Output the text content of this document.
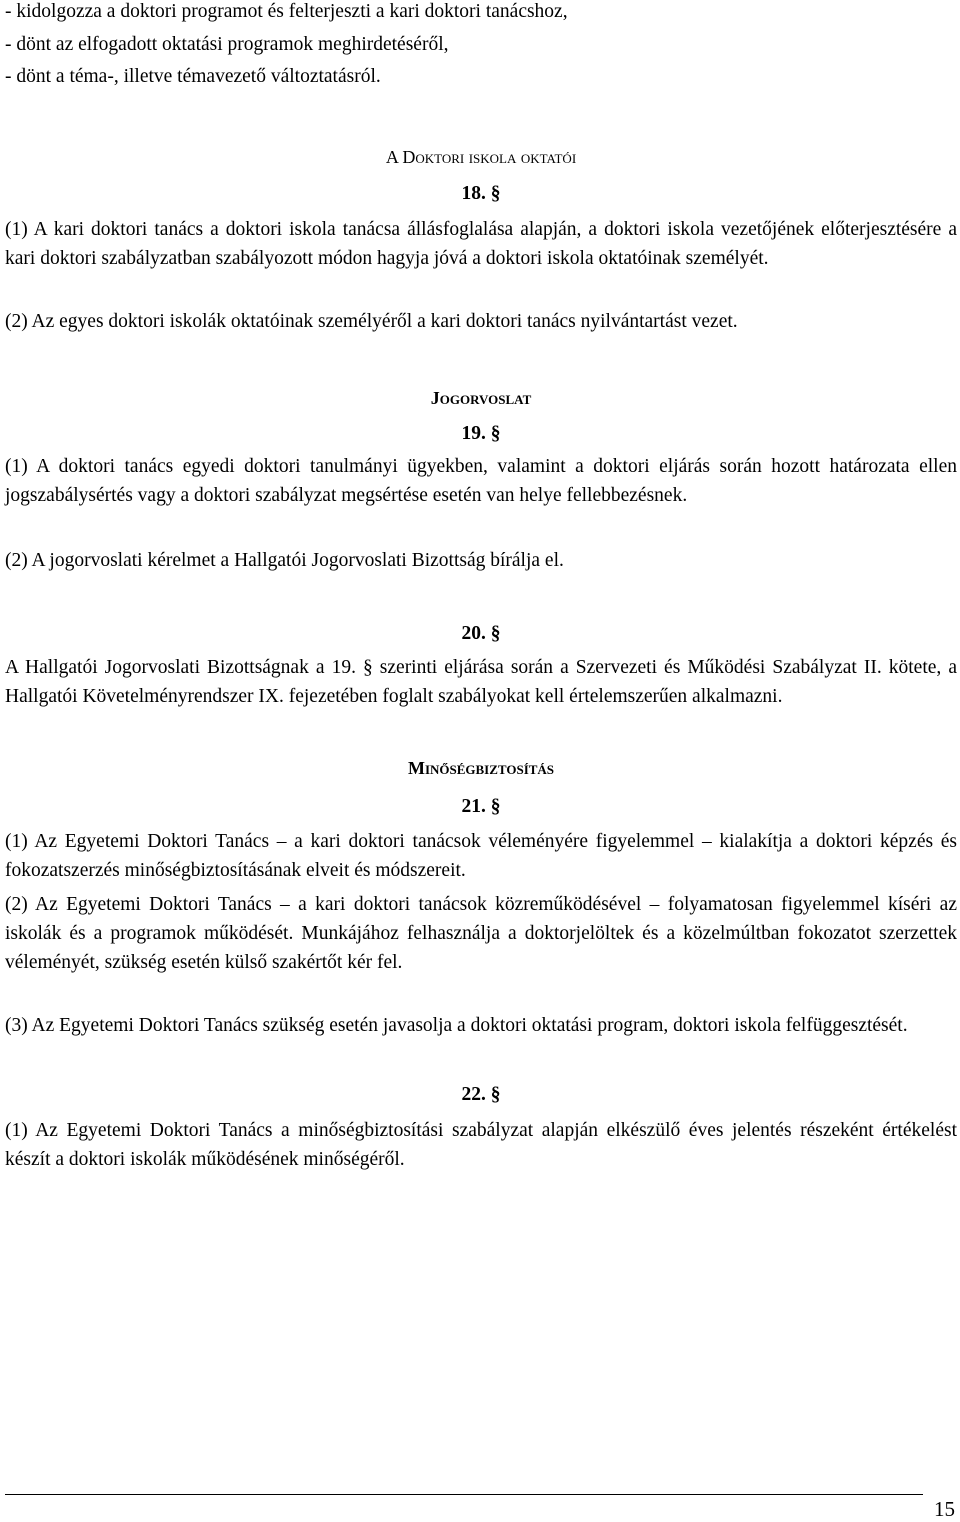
- kidolgozza a doktori programot és felterjeszti a kari doktori tanácshoz,
- dönt az elfogadott oktatási programok meghirdetéséről,
- dönt a téma-, illetve témavezető változtatásról.
A Doktori iskola oktatói
18. §
(1) A kari doktori tanács a doktori iskola tanácsa állásfoglalása alapján, a doktori iskola vezetőjének előterjesztésére a kari doktori szabályzatban szabályozott módon hagyja jóvá a doktori iskola oktatóinak személyét.
(2) Az egyes doktori iskolák oktatóinak személyéről a kari doktori tanács nyilvántartást vezet.
Jogorvoslat
19. §
(1) A doktori tanács egyedi doktori tanulmányi ügyekben, valamint a doktori eljárás során hozott határozata ellen jogszabálysértés vagy a doktori szabályzat megsértése esetén van helye fellebbezésnek.
(2) A jogorvoslati kérelmet a Hallgatói Jogorvoslati Bizottság bírálja el.
20. §
A Hallgatói Jogorvoslati Bizottságnak a 19. § szerinti eljárása során a Szervezeti és Működési Szabályzat II. kötete, a Hallgatói Követelményrendszer IX. fejezetében foglalt szabályokat kell értelemszerűen alkalmazni.
Minőségbiztosítás
21. §
(1) Az Egyetemi Doktori Tanács – a kari doktori tanácsok véleményére figyelemmel – kialakítja a doktori képzés és fokozatszerzés minőségbiztosításának elveit és módszereit.
(2) Az Egyetemi Doktori Tanács – a kari doktori tanácsok közreműködésével – folyamatosan figyelemmel kíséri az iskolák és a programok működését. Munkájához felhasználja a doktorjelöltek és a közelmúltban fokozatot szerzettek véleményét, szükség esetén külső szakértőt kér fel.
(3) Az Egyetemi Doktori Tanács szükség esetén javasolja a doktori oktatási program, doktori iskola felfüggesztését.
22. §
(1) Az Egyetemi Doktori Tanács a minőségbiztosítási szabályzat alapján elkészülő éves jelentés részeként értékelést készít a doktori iskolák működésének minőségéről.
15
